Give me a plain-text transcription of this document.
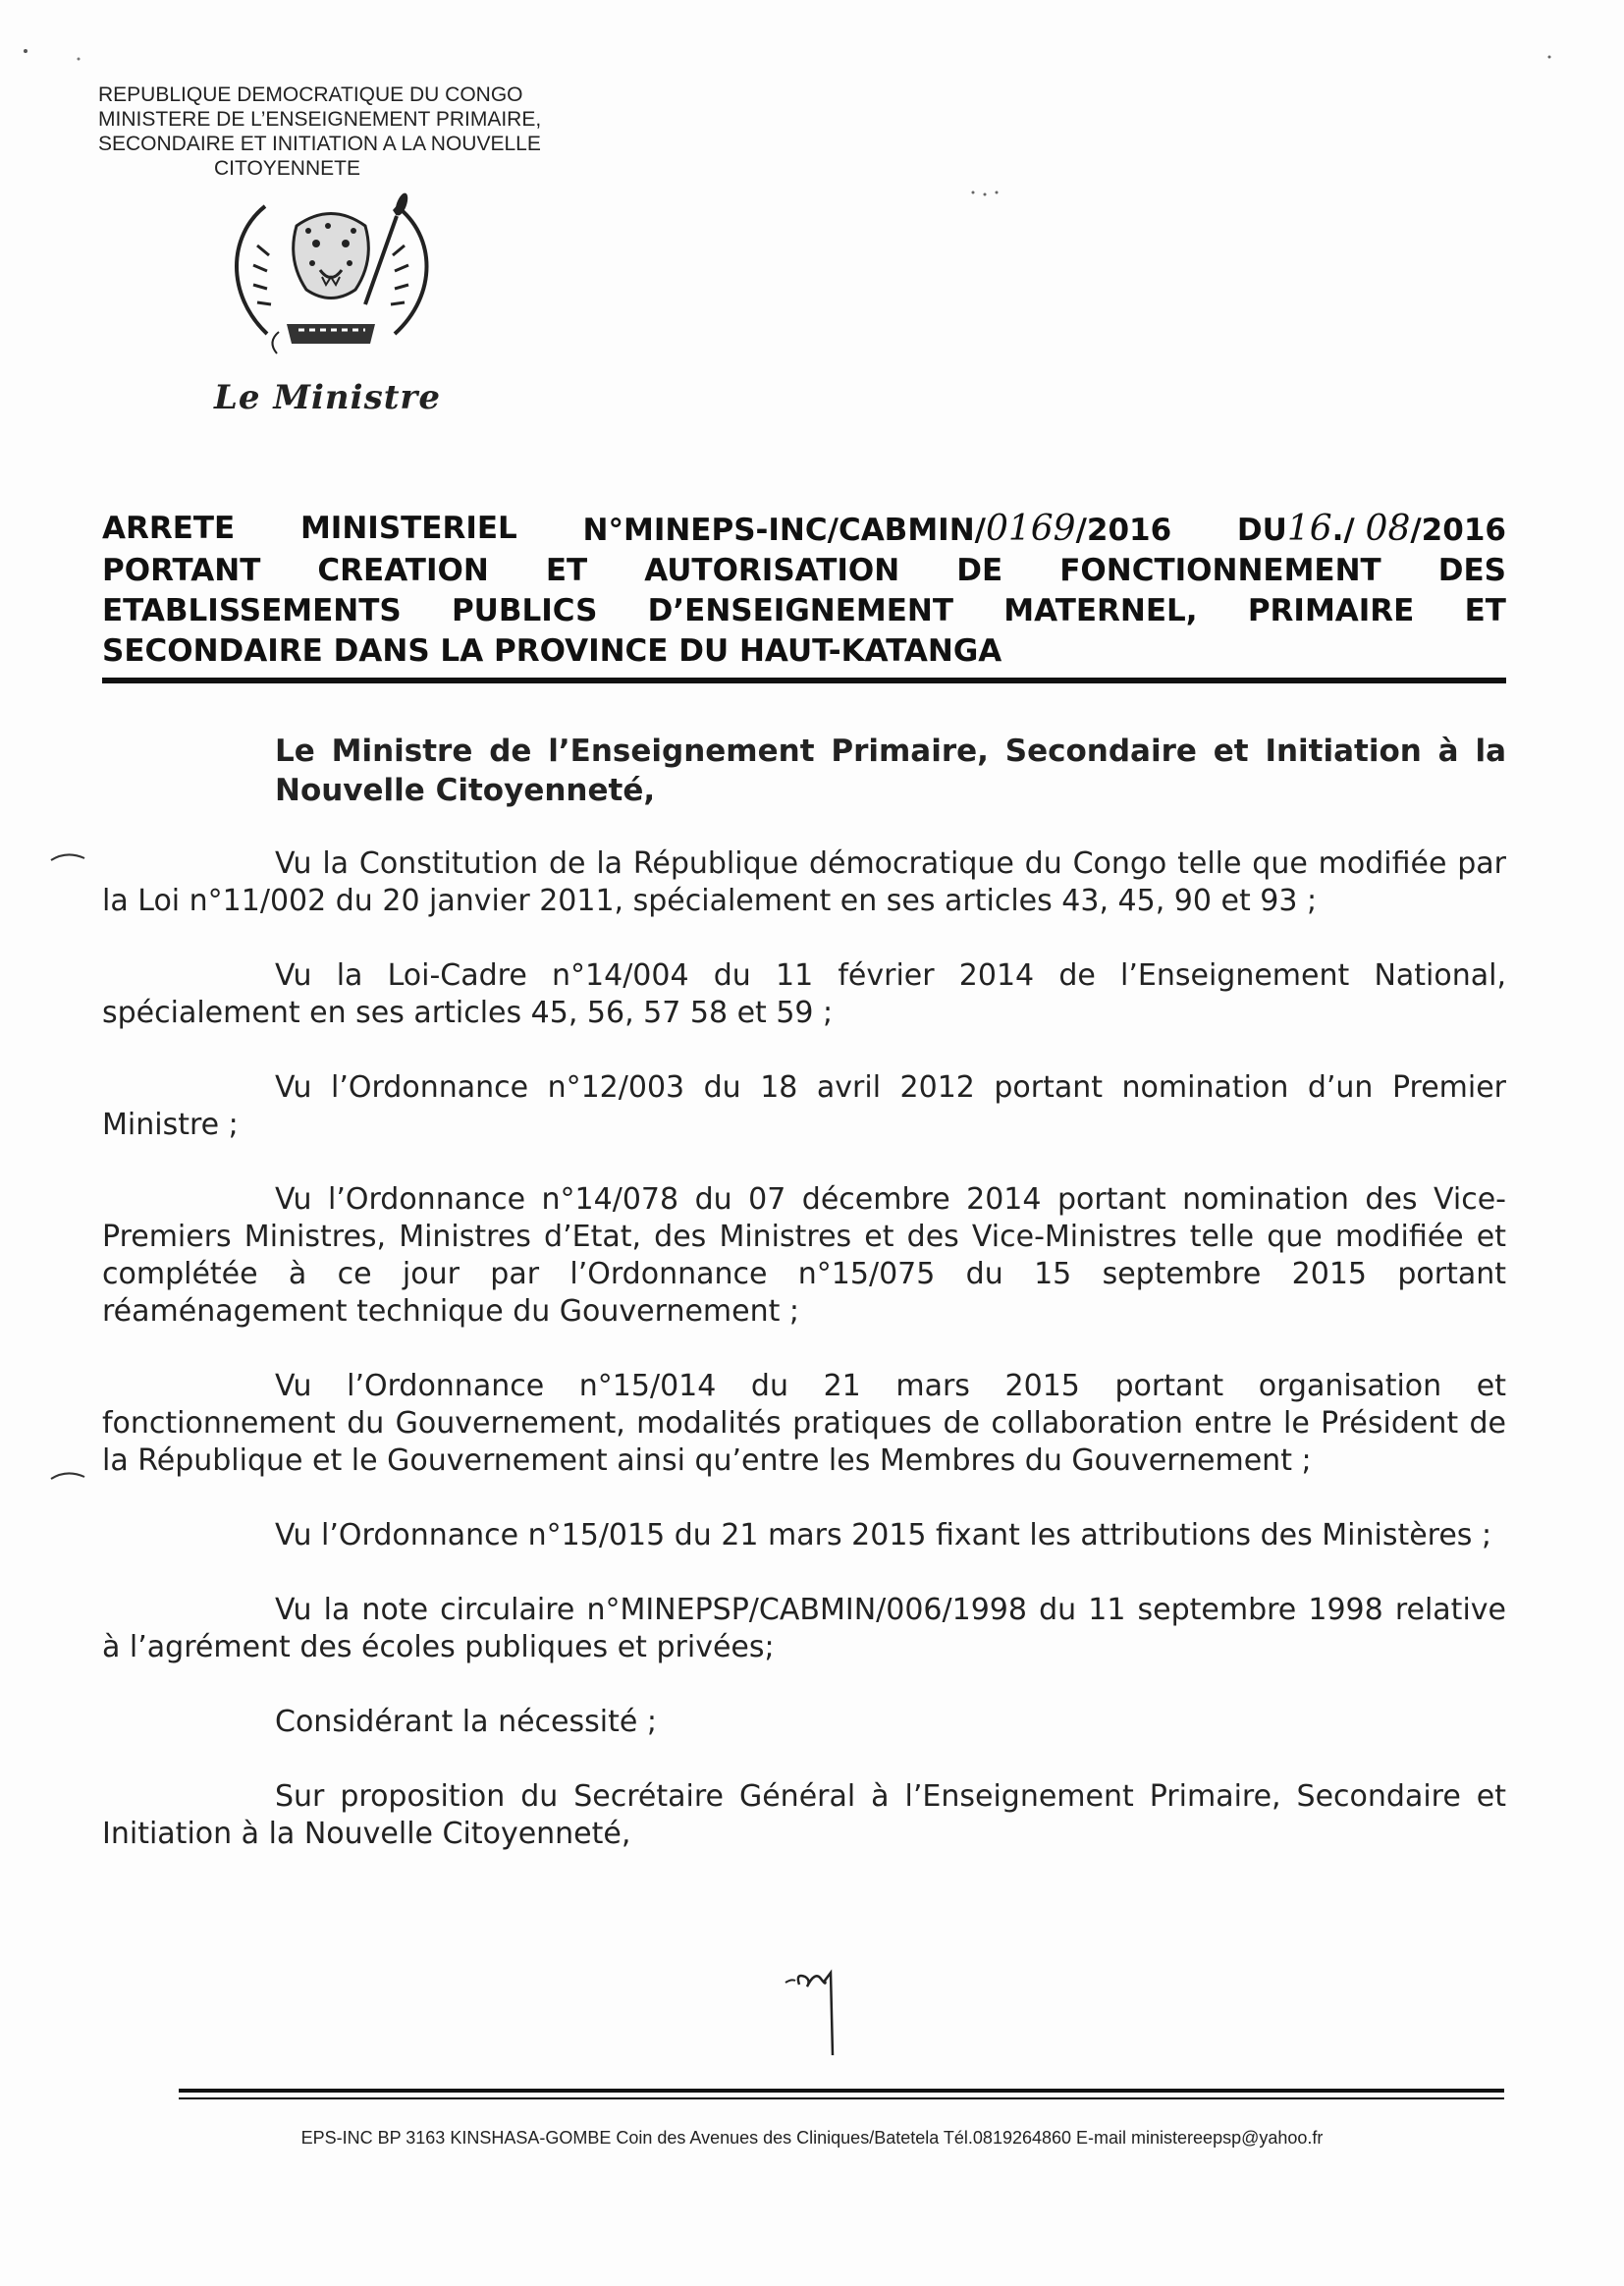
REPUBLIQUE DEMOCRATIQUE DU CONGO
MINISTERE DE L’ENSEIGNEMENT PRIMAIRE,
SECONDAIRE ET INITIATION A LA NOUVELLE
CITOYENNETE
Le Ministre
ARRETE MINISTERIEL N°MINEPS-INC/CABMIN/0169/2016 DU16./ 08/2016
PORTANT CREATION ET AUTORISATION DE FONCTIONNEMENT DES
ETABLISSEMENTS PUBLICS D’ENSEIGNEMENT MATERNEL, PRIMAIRE ET
SECONDAIRE DANS LA PROVINCE DU HAUT-KATANGA

Le Ministre de l’Enseignement Primaire, Secondaire et Initiation à la Nouvelle Citoyenneté,

Vu la Constitution de la République démocratique du Congo telle que modifiée par la Loi n°11/002 du 20 janvier 2011, spécialement en ses articles 43, 45, 90 et 93 ;

Vu la Loi-Cadre n°14/004 du 11 février 2014 de l’Enseignement National, spécialement en ses articles 45, 56, 57 58 et 59 ;

Vu l’Ordonnance n°12/003 du 18 avril 2012 portant nomination d’un Premier Ministre ;

Vu l’Ordonnance n°14/078 du 07 décembre 2014 portant nomination des Vice-Premiers Ministres, Ministres d’Etat, des Ministres et des Vice-Ministres telle que modifiée et complétée à ce jour par l’Ordonnance n°15/075 du 15 septembre 2015 portant réaménagement technique du Gouvernement ;

Vu l’Ordonnance n°15/014 du 21 mars 2015 portant organisation et fonctionnement du Gouvernement, modalités pratiques de collaboration entre le Président de la République et le Gouvernement ainsi qu’entre les Membres du Gouvernement ;

Vu l’Ordonnance n°15/015 du 21 mars 2015 fixant les attributions des Ministères ;

Vu la note circulaire n°MINEPSP/CABMIN/006/1998 du 11 septembre 1998 relative à l’agrément des écoles publiques et privées;

Considérant la nécessité ;

Sur proposition du Secrétaire Général à l’Enseignement Primaire, Secondaire et Initiation à la Nouvelle Citoyenneté,

EPS-INC BP 3163 KINSHASA-GOMBE Coin des Avenues des Cliniques/Batetela Tél.0819264860 E-mail ministereepsp@yahoo.fr
